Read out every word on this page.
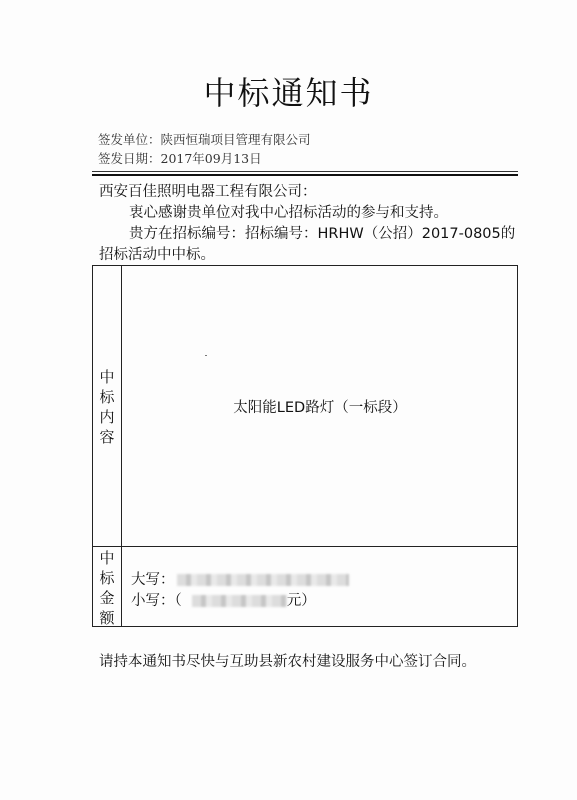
中标通知书
签发单位：陕西恒瑞项目管理有限公司
签发日期：2017年09月13日
西安百佳照明电器工程有限公司：
衷心感谢贵单位对我中心招标活动的参与和支持。
贵方在招标编号：招标编号：HRHW（公招）2017-0805的
招标活动中中标。
中
标
内
容
太阳能LED路灯（一标段）
中
标
金
额
大写：
小写：（	元）
请持本通知书尽快与互助县新农村建设服务中心签订合同。
